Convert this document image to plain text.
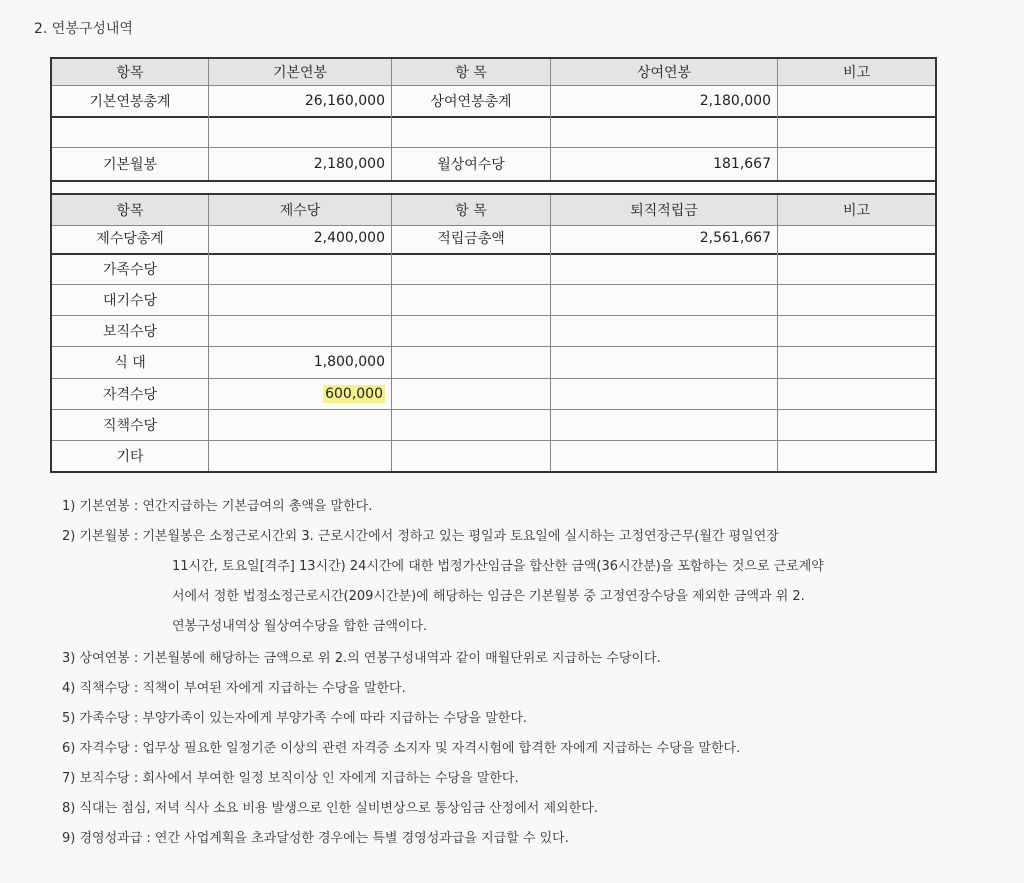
2. 연봉구성내역
항목	기본연봉	항 목	상여연봉	비고
기본연봉총계	26,160,000	상여연봉총계	2,180,000
기본월봉	2,180,000	월상여수당	181,667
항목	제수당	항 목	퇴직적립금	비고
제수당총계	2,400,000	적립금총액	2,561,667
가족수당
대기수당
보직수당
식 대	1,800,000
자격수당	600,000
직책수당
기타
1) 기본연봉 : 연간지급하는 기본급여의 총액을 말한다.
2) 기본월봉 : 기본월봉은 소정근로시간외 3. 근로시간에서 정하고 있는 평일과 토요일에 실시하는 고정연장근무(월간 평일연장
11시간, 토요일[격주] 13시간) 24시간에 대한 법정가산임금을 합산한 금액(36시간분)을 포함하는 것으로 근로계약
서에서 정한 법정소정근로시간(209시간분)에 해당하는 임금은 기본월봉 중 고정연장수당을 제외한 금액과 위 2.
연봉구성내역상 월상여수당을 합한 금액이다.
3) 상여연봉 : 기본월봉에 해당하는 금액으로 위 2.의 연봉구성내역과 같이 매월단위로 지급하는 수당이다.
4) 직책수당 : 직책이 부여된 자에게 지급하는 수당을 말한다.
5) 가족수당 : 부양가족이 있는자에게 부양가족 수에 따라 지급하는 수당을 말한다.
6) 자격수당 : 업무상 필요한 일정기준 이상의 관련 자격증 소지자 및 자격시험에 합격한 자에게 지급하는 수당을 말한다.
7) 보직수당 : 회사에서 부여한 일정 보직이상 인 자에게 지급하는 수당을 말한다.
8) 식대는 점심, 저녁 식사 소요 비용 발생으로 인한 실비변상으로 통상임금 산정에서 제외한다.
9) 경영성과급 : 연간 사업계획을 초과달성한 경우에는 특별 경영성과급을 지급할 수 있다.
